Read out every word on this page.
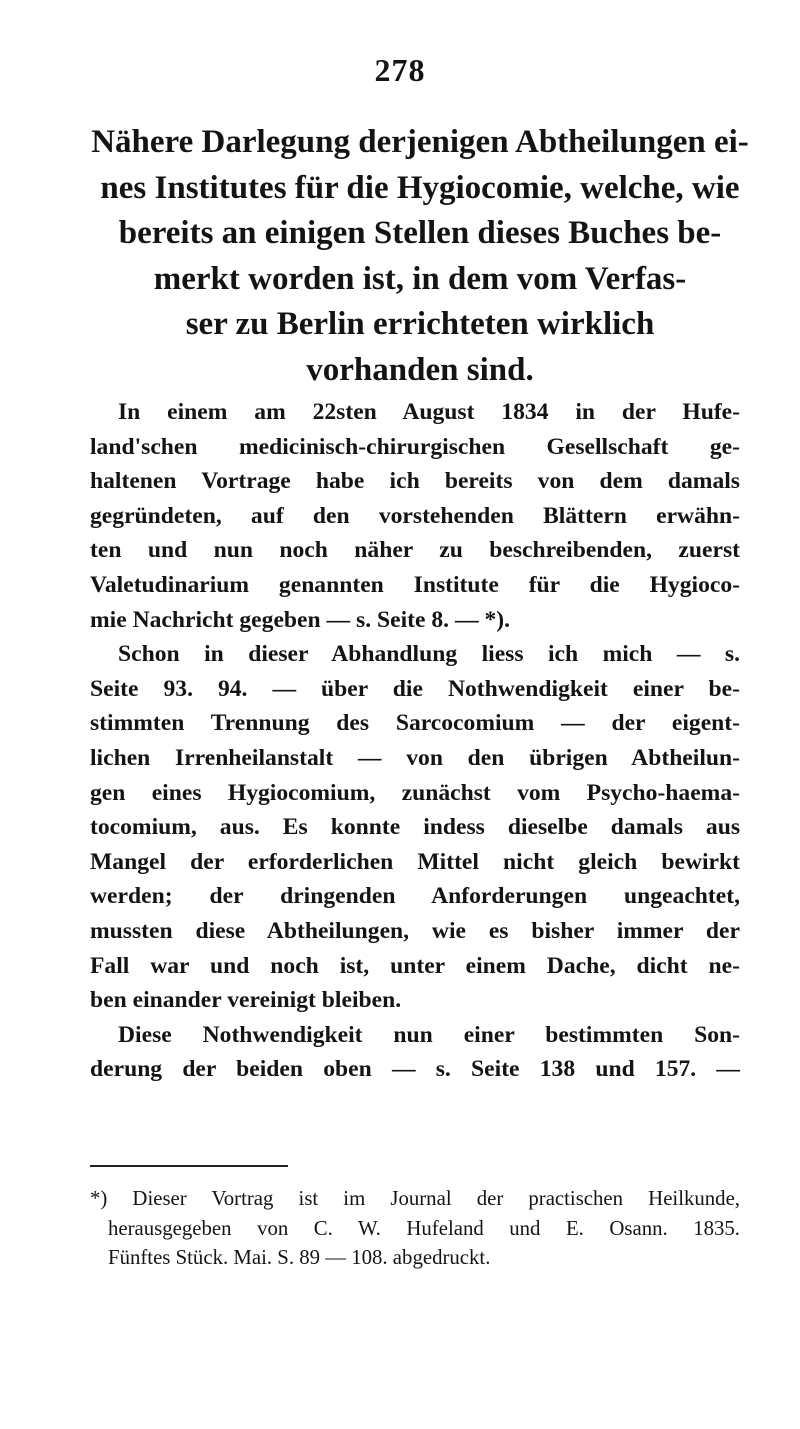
278
Nähere Darlegung derjenigen Abtheilungen ei-
nes Institutes für die Hygiocomie, welche, wie
bereits an einigen Stellen dieses Buches be-
merkt worden ist, in dem vom Verfas-
ser zu Berlin errichteten wirklich
vorhanden sind.
In einem am 22sten August 1834 in der Hufe-
land'schen medicinisch-chirurgischen Gesellschaft ge-
haltenen Vortrage habe ich bereits von dem damals
gegründeten, auf den vorstehenden Blättern erwähn-
ten und nun noch näher zu beschreibenden, zuerst
Valetudinarium genannten Institute für die Hygioco-
mie Nachricht gegeben — s. Seite 8. — *).
Schon in dieser Abhandlung liess ich mich — s.
Seite 93. 94. — über die Nothwendigkeit einer be-
stimmten Trennung des Sarcocomium — der eigent-
lichen Irrenheilanstalt — von den übrigen Abtheilun-
gen eines Hygiocomium, zunächst vom Psycho-haema-
tocomium, aus. Es konnte indess dieselbe damals aus
Mangel der erforderlichen Mittel nicht gleich bewirkt
werden; der dringenden Anforderungen ungeachtet,
mussten diese Abtheilungen, wie es bisher immer der
Fall war und noch ist, unter einem Dache, dicht ne-
ben einander vereinigt bleiben.
Diese Nothwendigkeit nun einer bestimmten Son-
derung der beiden oben — s. Seite 138 und 157. —
*) Dieser Vortrag ist im Journal der practischen Heilkunde,
herausgegeben von C. W. Hufeland und E. Osann. 1835.
Fünftes Stück. Mai. S. 89 — 108. abgedruckt.
